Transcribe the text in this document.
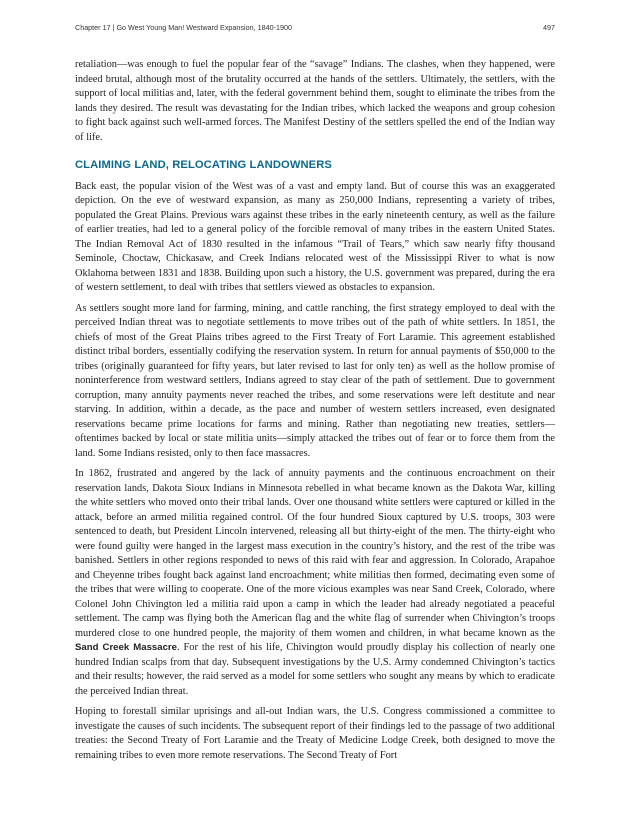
Chapter 17 | Go West Young Man! Westward Expansion, 1840-1900	497

retaliation—was enough to fuel the popular fear of the “savage” Indians. The clashes, when they happened, were indeed brutal, although most of the brutality occurred at the hands of the settlers. Ultimately, the settlers, with the support of local militias and, later, with the federal government behind them, sought to eliminate the tribes from the lands they desired. The result was devastating for the Indian tribes, which lacked the weapons and group cohesion to fight back against such well-armed forces. The Manifest Destiny of the settlers spelled the end of the Indian way of life.

CLAIMING LAND, RELOCATING LANDOWNERS

Back east, the popular vision of the West was of a vast and empty land. But of course this was an exaggerated depiction. On the eve of westward expansion, as many as 250,000 Indians, representing a variety of tribes, populated the Great Plains. Previous wars against these tribes in the early nineteenth century, as well as the failure of earlier treaties, had led to a general policy of the forcible removal of many tribes in the eastern United States. The Indian Removal Act of 1830 resulted in the infamous “Trail of Tears,” which saw nearly fifty thousand Seminole, Choctaw, Chickasaw, and Creek Indians relocated west of the Mississippi River to what is now Oklahoma between 1831 and 1838. Building upon such a history, the U.S. government was prepared, during the era of western settlement, to deal with tribes that settlers viewed as obstacles to expansion.

As settlers sought more land for farming, mining, and cattle ranching, the first strategy employed to deal with the perceived Indian threat was to negotiate settlements to move tribes out of the path of white settlers. In 1851, the chiefs of most of the Great Plains tribes agreed to the First Treaty of Fort Laramie. This agreement established distinct tribal borders, essentially codifying the reservation system. In return for annual payments of $50,000 to the tribes (originally guaranteed for fifty years, but later revised to last for only ten) as well as the hollow promise of noninterference from westward settlers, Indians agreed to stay clear of the path of settlement. Due to government corruption, many annuity payments never reached the tribes, and some reservations were left destitute and near starving. In addition, within a decade, as the pace and number of western settlers increased, even designated reservations became prime locations for farms and mining. Rather than negotiating new treaties, settlers—oftentimes backed by local or state militia units—simply attacked the tribes out of fear or to force them from the land. Some Indians resisted, only to then face massacres.

In 1862, frustrated and angered by the lack of annuity payments and the continuous encroachment on their reservation lands, Dakota Sioux Indians in Minnesota rebelled in what became known as the Dakota War, killing the white settlers who moved onto their tribal lands. Over one thousand white settlers were captured or killed in the attack, before an armed militia regained control. Of the four hundred Sioux captured by U.S. troops, 303 were sentenced to death, but President Lincoln intervened, releasing all but thirty-eight of the men. The thirty-eight who were found guilty were hanged in the largest mass execution in the country’s history, and the rest of the tribe was banished. Settlers in other regions responded to news of this raid with fear and aggression. In Colorado, Arapahoe and Cheyenne tribes fought back against land encroachment; white militias then formed, decimating even some of the tribes that were willing to cooperate. One of the more vicious examples was near Sand Creek, Colorado, where Colonel John Chivington led a militia raid upon a camp in which the leader had already negotiated a peaceful settlement. The camp was flying both the American flag and the white flag of surrender when Chivington’s troops murdered close to one hundred people, the majority of them women and children, in what became known as the Sand Creek Massacre. For the rest of his life, Chivington would proudly display his collection of nearly one hundred Indian scalps from that day. Subsequent investigations by the U.S. Army condemned Chivington’s tactics and their results; however, the raid served as a model for some settlers who sought any means by which to eradicate the perceived Indian threat.

Hoping to forestall similar uprisings and all-out Indian wars, the U.S. Congress commissioned a committee to investigate the causes of such incidents. The subsequent report of their findings led to the passage of two additional treaties: the Second Treaty of Fort Laramie and the Treaty of Medicine Lodge Creek, both designed to move the remaining tribes to even more remote reservations. The Second Treaty of Fort
